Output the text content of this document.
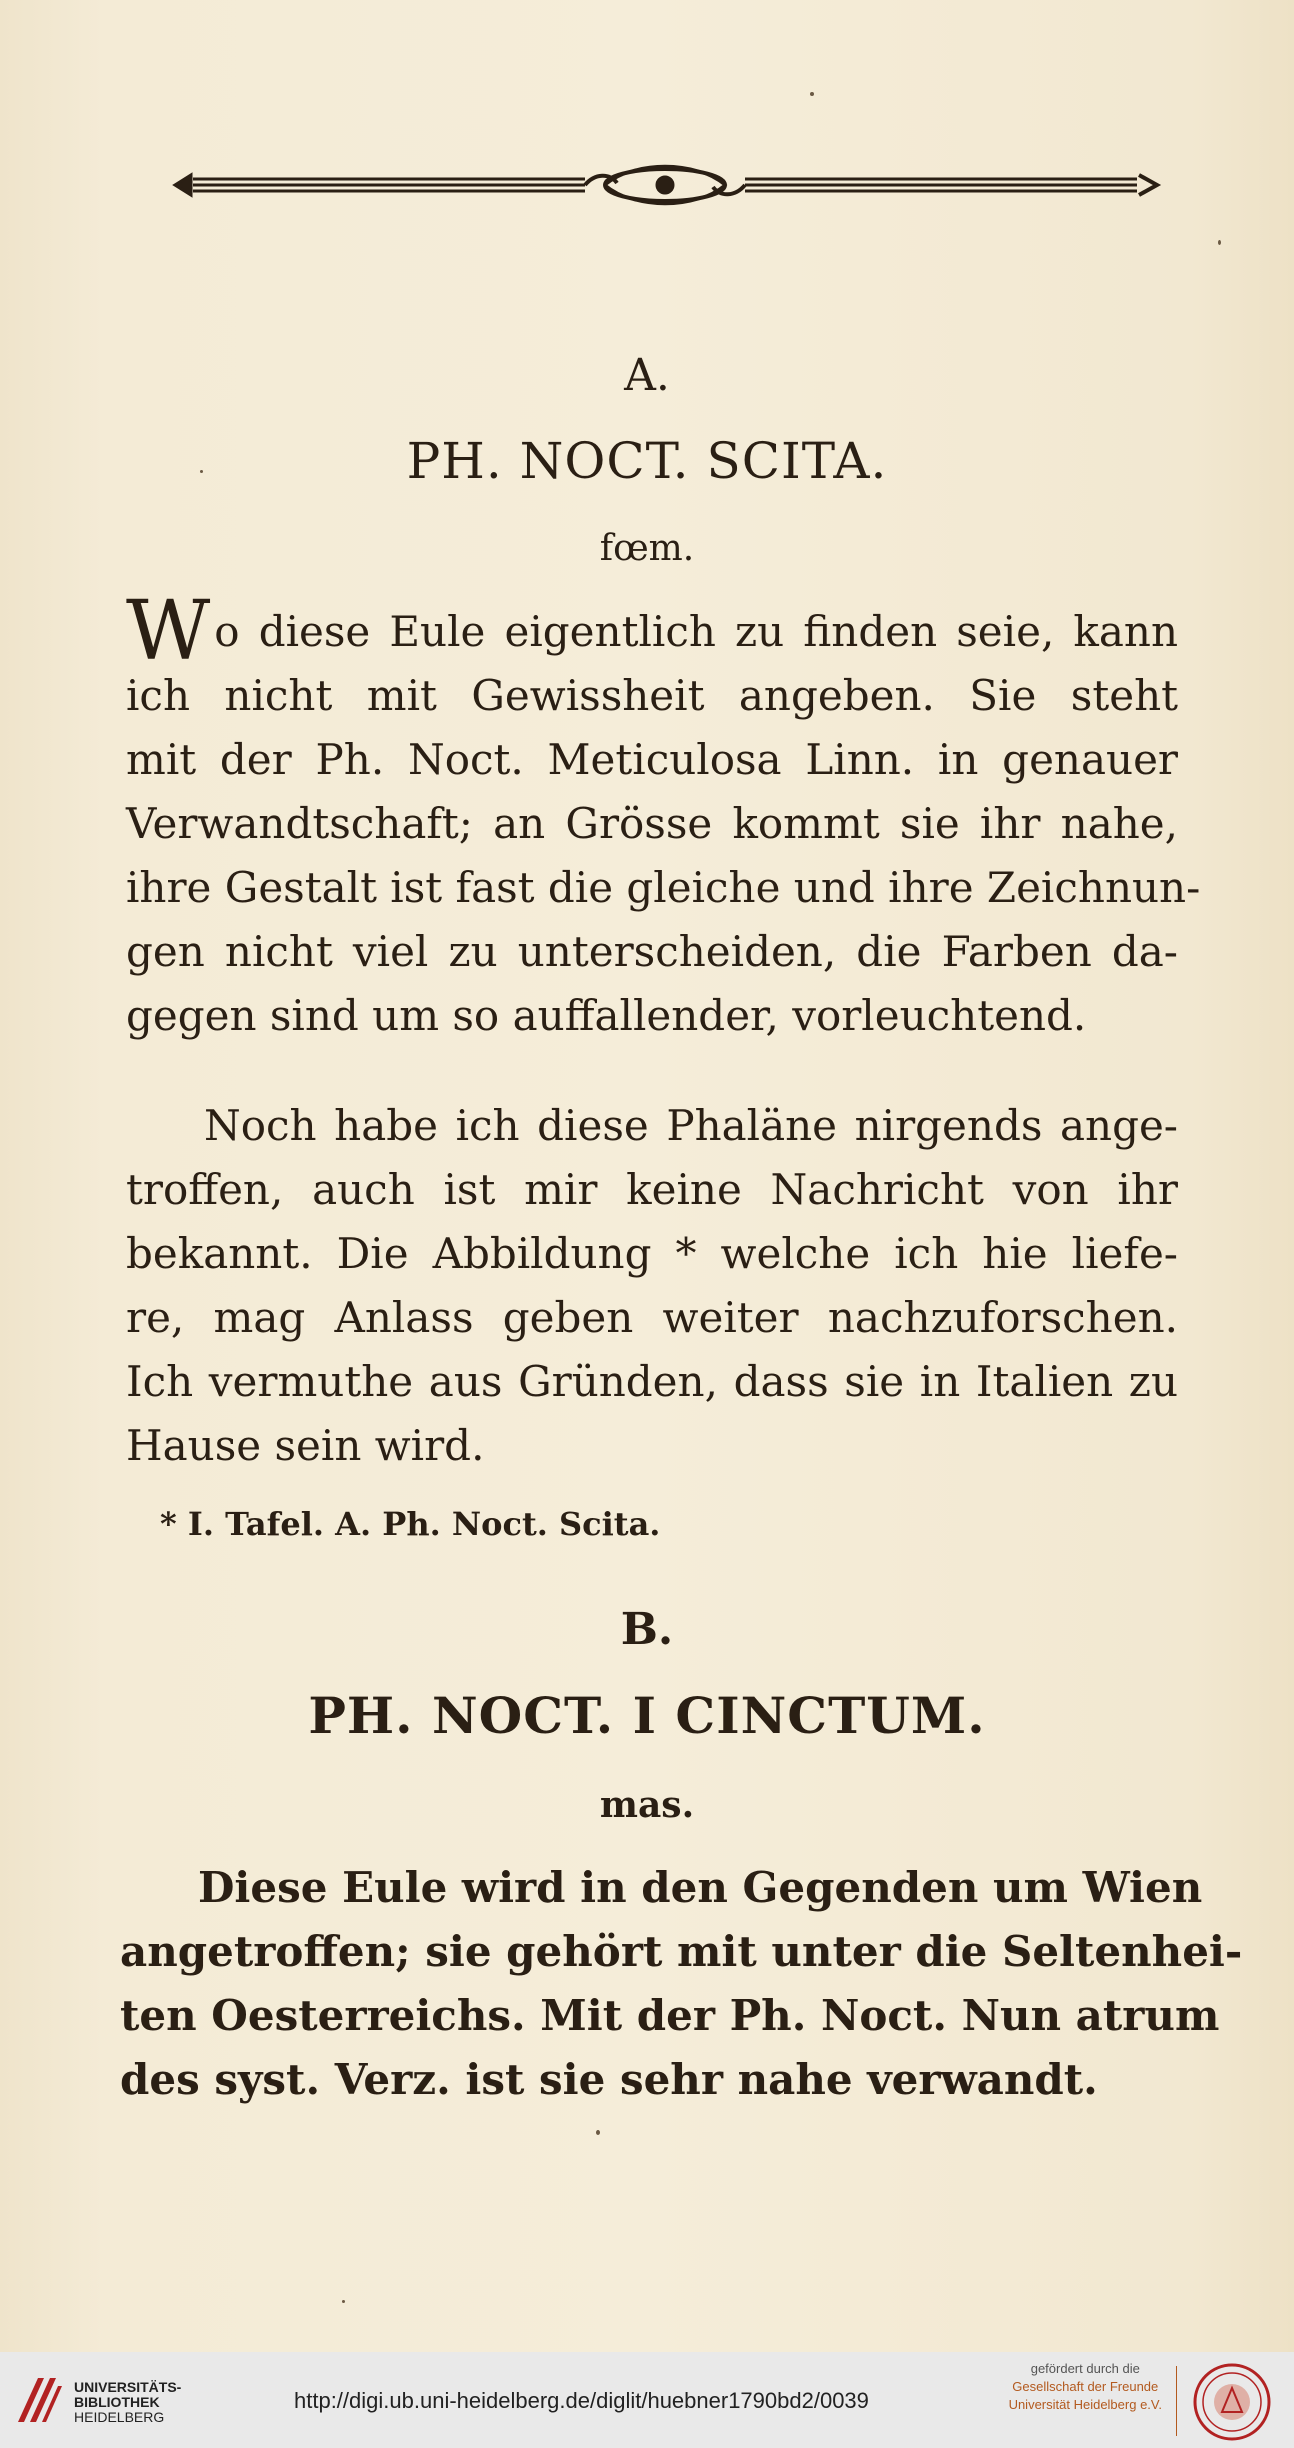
A.
PH. NOCT. SCITA.
fœm.
W o diese Eule eigentlich zu finden seie, kann
ich nicht mit Gewissheit angeben. Sie steht
mit der Ph. Noct. Meticulosa Linn. in genauer
Verwandtschaft; an Grösse kommt sie ihr nahe,
ihre Gestalt ist fast die gleiche und ihre Zeichnun-
gen nicht viel zu unterscheiden, die Farben da-
gegen sind um so auffallender, vorleuchtend.
Noch habe ich diese Phaläne nirgends ange-
troffen, auch ist mir keine Nachricht von ihr
bekannt. Die Abbildung * welche ich hie liefe-
re, mag Anlass geben weiter nachzuforschen.
Ich vermuthe aus Gründen, dass sie in Italien zu
Hause sein wird.
* I. Tafel. A. Ph. Noct. Scita.
B.
PH. NOCT. I CINCTUM.
mas.
Diese Eule wird in den Gegenden um Wien
angetroffen; sie gehört mit unter die Seltenhei-
ten Oesterreichs. Mit der Ph. Noct. Nun atrum
des syst. Verz. ist sie sehr nahe verwandt.
UNIVERSITÄTS-
BIBLIOTHEK
HEIDELBERG
http://digi.ub.uni-heidelberg.de/diglit/huebner1790bd2/0039
gefördert durch die

Gesellschaft der Freunde
Universität Heidelberg e.V.
